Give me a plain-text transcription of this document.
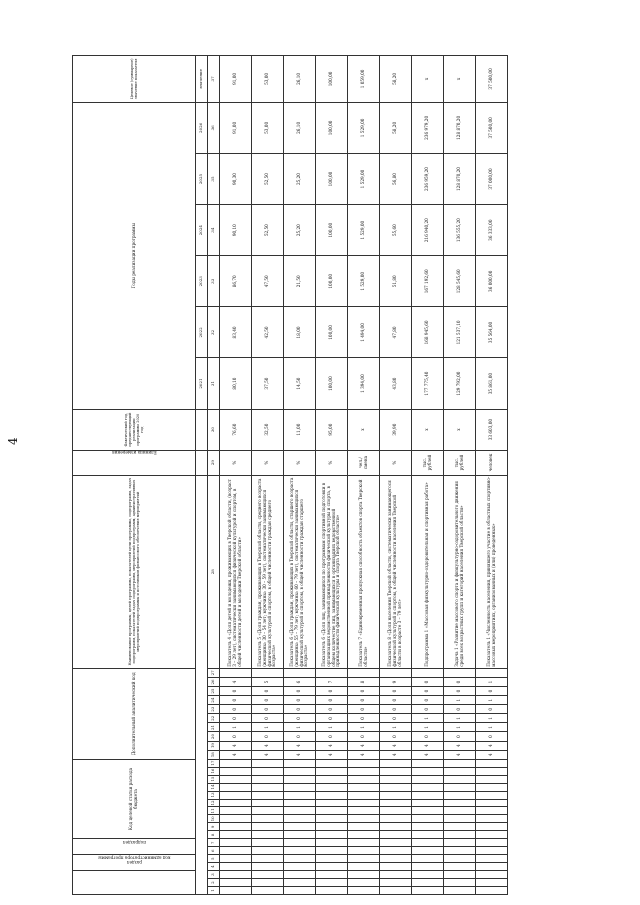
4
код администратора программы			раздел		подраздел		Код целевой статьи расхода бюджета										Дополнительный аналитический код										Наименование программы, целей программы, показателей цели программы, подпрограмм, задач подпрограмм, показателей задач подпрограмм, мероприятий подпрограмм, административных мероприятий подпрограммы и источников финансового обеспечения мероприятий	Единица измерения	Фактический год, предшествующий реализации программы 2020 год	Годы реализации программы						Целевое (суммарное) значение показателя
																														2021	2022	2023	2024	2025	2026	значение
1	2	3	4	5	6	7	8	9	10	11	12	13	14	15	16	17	18	19	20	21	22	23	24	25	26	27	28	29	30	31	32	33	34	35	36	37
																	4	4	0	1	0	0	0	0	4		Показатель 4 «Доля детей и молодежи, проживающих в Тверской области, (возраст 3 – 29 лет), систематически занимающихся физической культурой и спортом, в общей численности детей и молодежи Тверской области»	%	76,60	80,10	83,40	86,70	90,10	90,30	91,00	91,00
																	4	4	0	1	0	0	0	0	5		Показатель 5 «Доля граждан, проживающих в Тверской области, среднего возраста (женщины: 30 – 54 лет; мужчины: 30 – 59 лет), систематически занимающихся физической культурой и спортом, в общей численности граждан среднего возраста»	%	32,50	37,50	42,50	47,50	52,50	52,50	53,00	53,00
																	4	4	0	1	0	0	0	0	6		Показатель 6 «Доля граждан, проживающих в Тверской области, старшего возраста (женщины: 55 – 79 лет; мужчины: 60 – 79 лет), систематически занимающихся физической культурой и спортом, в общей численности граждан старшего возраста»	%	11,00	14,50	18,00	21,50	25,20	25,20	26,10	26,10
																	4	4	0	1	0	0	0	0	7		Показатель 6 «Доля лиц, занимающихся по программам спортивной подготовки в организациях ведомственной принадлежности физической культуры и спорта, в общем количестве лиц, занимающихся в организациях ведомственной принадлежности физической культуры и спорта Тверской области»	%	95,00	100,00	100,00	100,00	100,00	100,00	100,00	100,00
																	4	4	0	1	0	0	0	0	8		Показатель 7 «Единовременная пропускная способность объектов спорта Тверской области»	чел./ смена	х	1 394,00	1 494,00	1 529,00	1 529,00	1 529,00	1 529,00	1 059,00
																	4	4	0	1	0	0	0	0	9		Показатель 8 «Доля населения Тверской области, систематически занимающегося физической культурой и спортом, в общей численности населения Тверской области в возрасте 3 – 79 лет»	%	39,90	43,80	47,80	51,80	55,60	56,80	58,20	58,20
																	4	4	0	1	1	0	0	0	0		Подпрограмма 1 «Массовая физкультурно-оздоровительная и спортивная работа»	тыс. рублей	х	177 775,40	168 945,60	167 192,60	216 940,20	236 959,20	236 979,20	х
																	4	4	0	1	1	0	1	0	0		Задача 1 «Развитие массового спорта и физкультурно-оздоровительного движения среди всех возрастных групп и категорий населения Тверской области»	тыс. рублей	х	129 792,00	121 537,10	128 545,60	136 555,20	128 870,20	128 870,20	х
																	4	4	0	1	1	0	1	0	1		Показатель 1 «Численность населения, принявшего участие в областных спортивно-массовых мероприятиях, организованных и (или) проведенных»	человек	33 603,00	35 861,00	35 564,00	36 000,00	36 333,00	37 000,00	37 500,00	37 500,00
